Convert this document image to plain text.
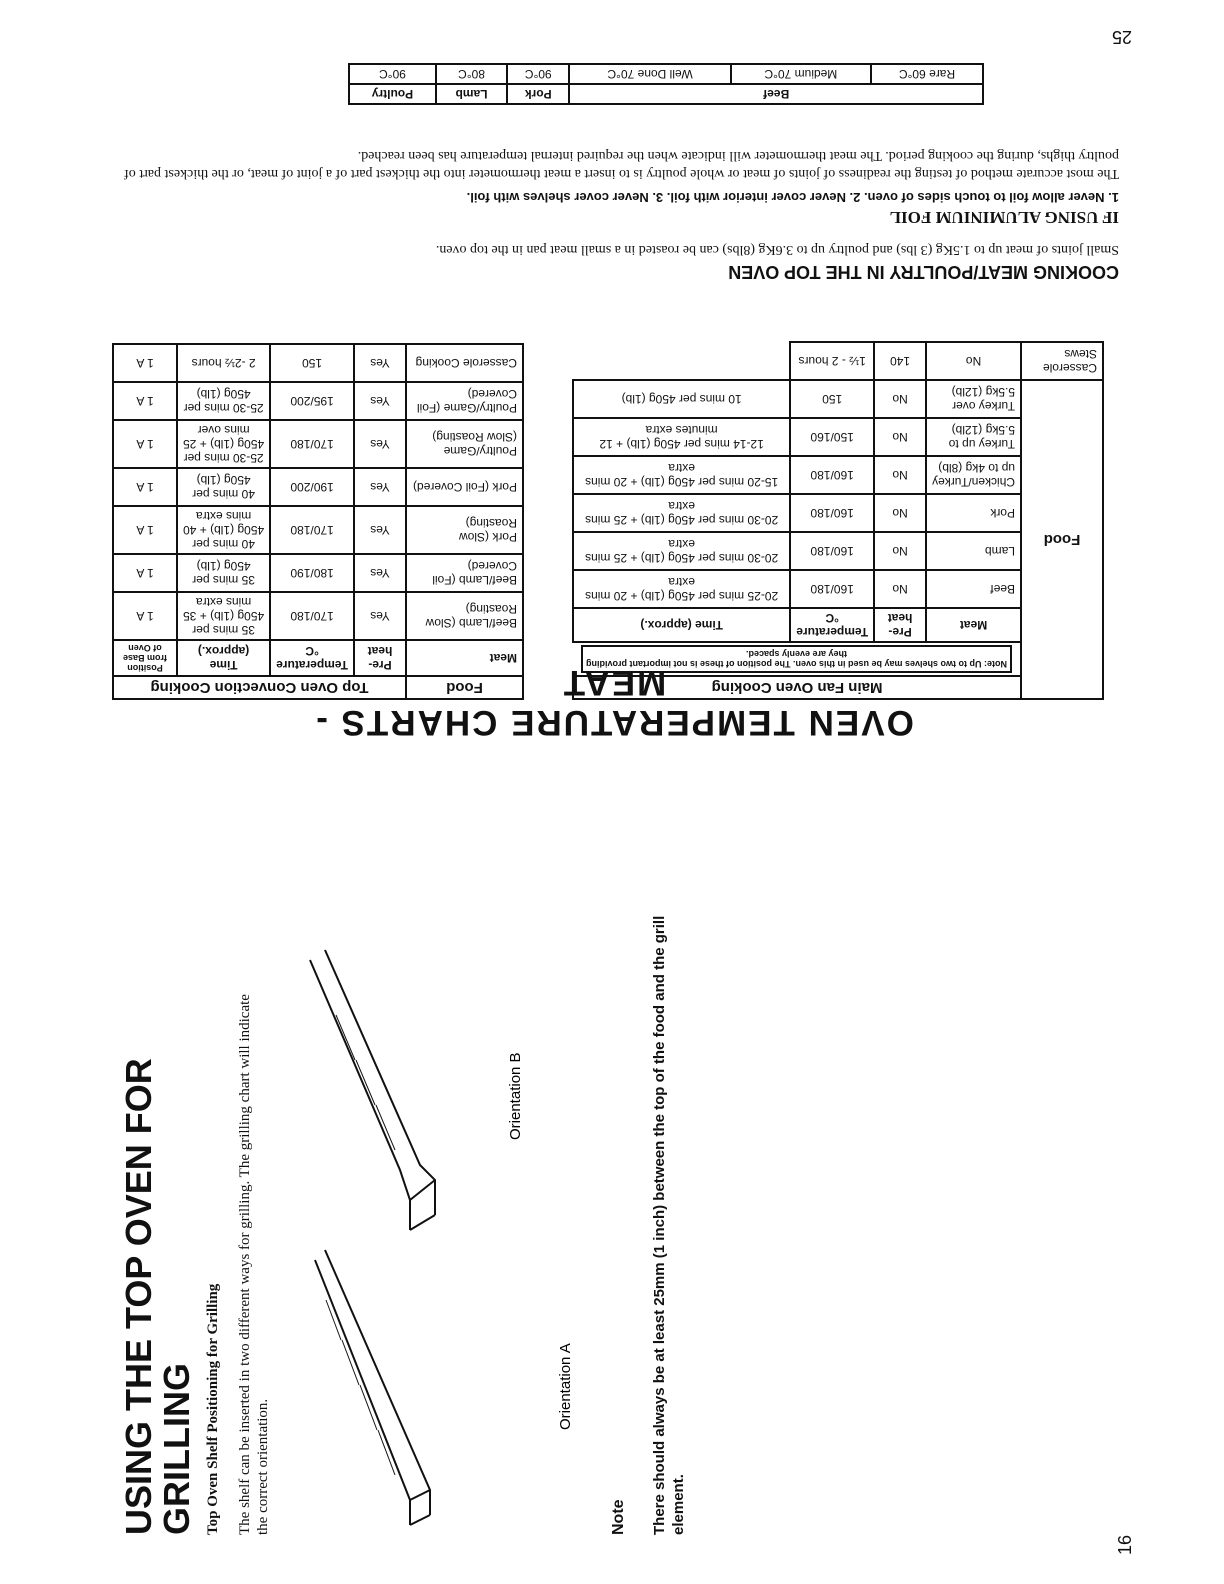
25
OVEN TEMPERATURE CHARTS - MEAT
Food	Main Fan Oven Cooking			

	Note: Up to two shelves may be used in this oven. The position of these is not important providing they are evenly spaced.			

	Meat	Pre-heat	Temperature °C	Time (approx.)
	Beef	No	160/180	20-25 mins per 450g (1lb) + 20 mins extra
	Lamb	No	160/180	20-30 mins per 450g (1lb) + 25 mins extra
	Pork	No	160/180	20-30 mins per 450g (1lb) + 25 mins extra
	Chicken/Turkey up to 4kg (8lb)	No	160/180	15-20 mins per 450g (1lb) + 20 mins extra
	Turkey up to 5.5kg (12lb)	No	150/160	12-14 mins per 450g (1lb) + 12 minutes extra
	Turkey over 5.5kg (12lb)	No	150	10 mins per 450g (1lb)
Casserole Stews	No	140	1½ - 2 hours	
Food	Top Oven Convection Cooking			
Meat	Pre-heat	Temperature °C	Time (approx.)	Position from Base of Oven
Beef/Lamb (Slow Roasting)	Yes	170/180	35 mins per 450g (1lb) + 35 mins extra	1 A
Beef/Lamb (Foil Covered)	Yes	180/190	35 mins per 450g (1lb)	1 A
Pork (Slow Roasting)	Yes	170/180	40 mins per 450g (1lb) + 40 mins extra	1 A
Pork (Foil Covered)	Yes	190/200	40 mins per 450g (1lb)	1 A
Poultry/Game (Slow Roasting)	Yes	170/180	25-30 mins per 450g (1lb) + 25 mins over	1 A
Poultry/Game (Foil Covered)	Yes	195/200	25-30 mins per 450g (1lb)	1 A
Casserole Cooking	Yes	150	2 -2½ hours	1 A
COOKING MEAT/POULTRY IN THE TOP OVEN

Small joints of meat up to 1.5Kg (3 lbs) and poultry up to 3.6Kg (8lbs) can be roasted in a small meat pan in the top oven.

IF USING ALUMINIUM FOIL

1. Never allow foil to touch sides of oven. 2. Never cover interior with foil. 3. Never cover shelves with foil.

The most accurate method of testing the readiness of joints of meat or whole poultry is to insert a meat thermometer into the thickest part of a joint of meat, or the thickest part of poultry thighs, during the cooking period. The meat thermometer will indicate when the required internal temperature has been reached.

Beef			Pork	Lamb	Poultry
Rare 60°C	Medium 70°C	Well Done 70°C	90°C	80°C	90°C
USING THE TOP OVEN FOR GRILLING Top Oven Shelf Positioning for Grilling The shelf can be inserted in two different ways for grilling. The grilling chart will indicate the correct orientation.

Orientation A
Orientation B

Note There should always be at least 25mm (1 inch) between the top of the food and the grill element.

16
